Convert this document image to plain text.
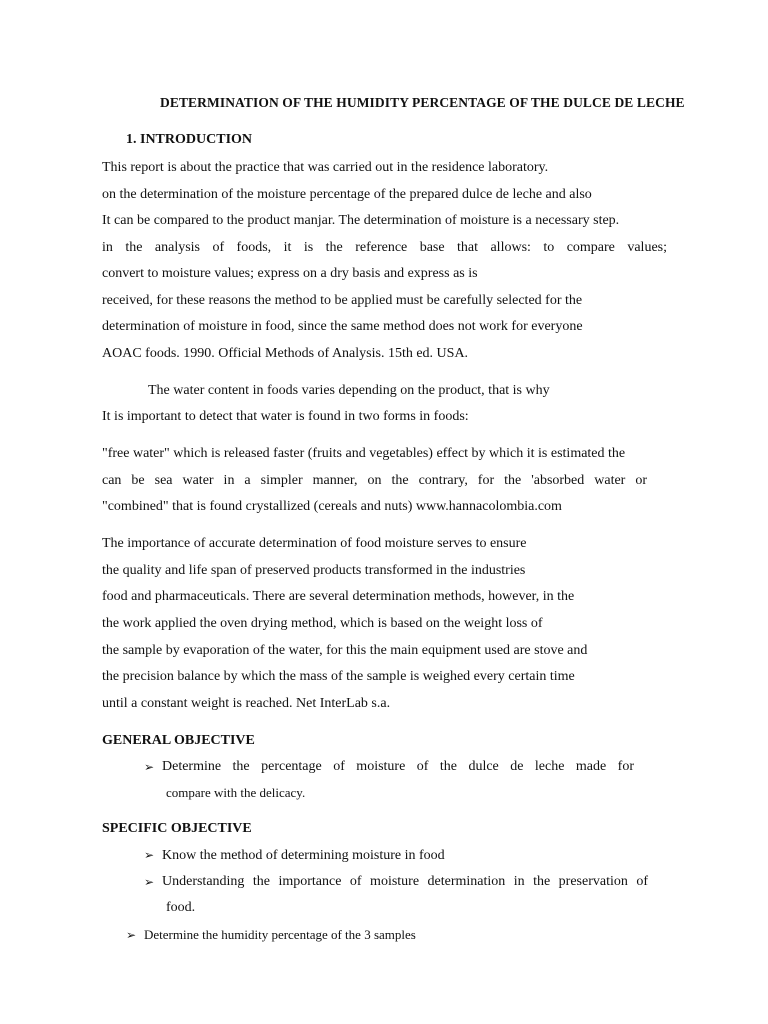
DETERMINATION OF THE HUMIDITY PERCENTAGE OF THE DULCE DE LECHE
1. INTRODUCTION
This report is about the practice that was carried out in the residence laboratory.
on the determination of the moisture percentage of the prepared dulce de leche and also
It can be compared to the product manjar. The determination of moisture is a necessary step.
in the analysis of foods, it is the reference base that allows: to compare values;
convert to moisture values; express on a dry basis and express as is
received, for these reasons the method to be applied must be carefully selected for the
determination of moisture in food, since the same method does not work for everyone
AOAC foods. 1990. Official Methods of Analysis. 15th ed. USA.
The water content in foods varies depending on the product, that is why
It is important to detect that water is found in two forms in foods:
"free water" which is released faster (fruits and vegetables) effect by which it is estimated the
can be sea water in a simpler manner, on the contrary, for the 'absorbed water or
"combined" that is found crystallized (cereals and nuts) www.hannacolombia.com
The importance of accurate determination of food moisture serves to ensure
the quality and life span of preserved products transformed in the industries
food and pharmaceuticals. There are several determination methods, however, in the
the work applied the oven drying method, which is based on the weight loss of
the sample by evaporation of the water, for this the main equipment used are stove and
the precision balance by which the mass of the sample is weighed every certain time
until a constant weight is reached. Net InterLab s.a.
GENERAL OBJECTIVE
➢ Determine the percentage of moisture of the dulce de leche made for
compare with the delicacy.
SPECIFIC OBJECTIVE
➢ Know the method of determining moisture in food
➢ Understanding the importance of moisture determination in the preservation of
food.
➢ Determine the humidity percentage of the 3 samples
